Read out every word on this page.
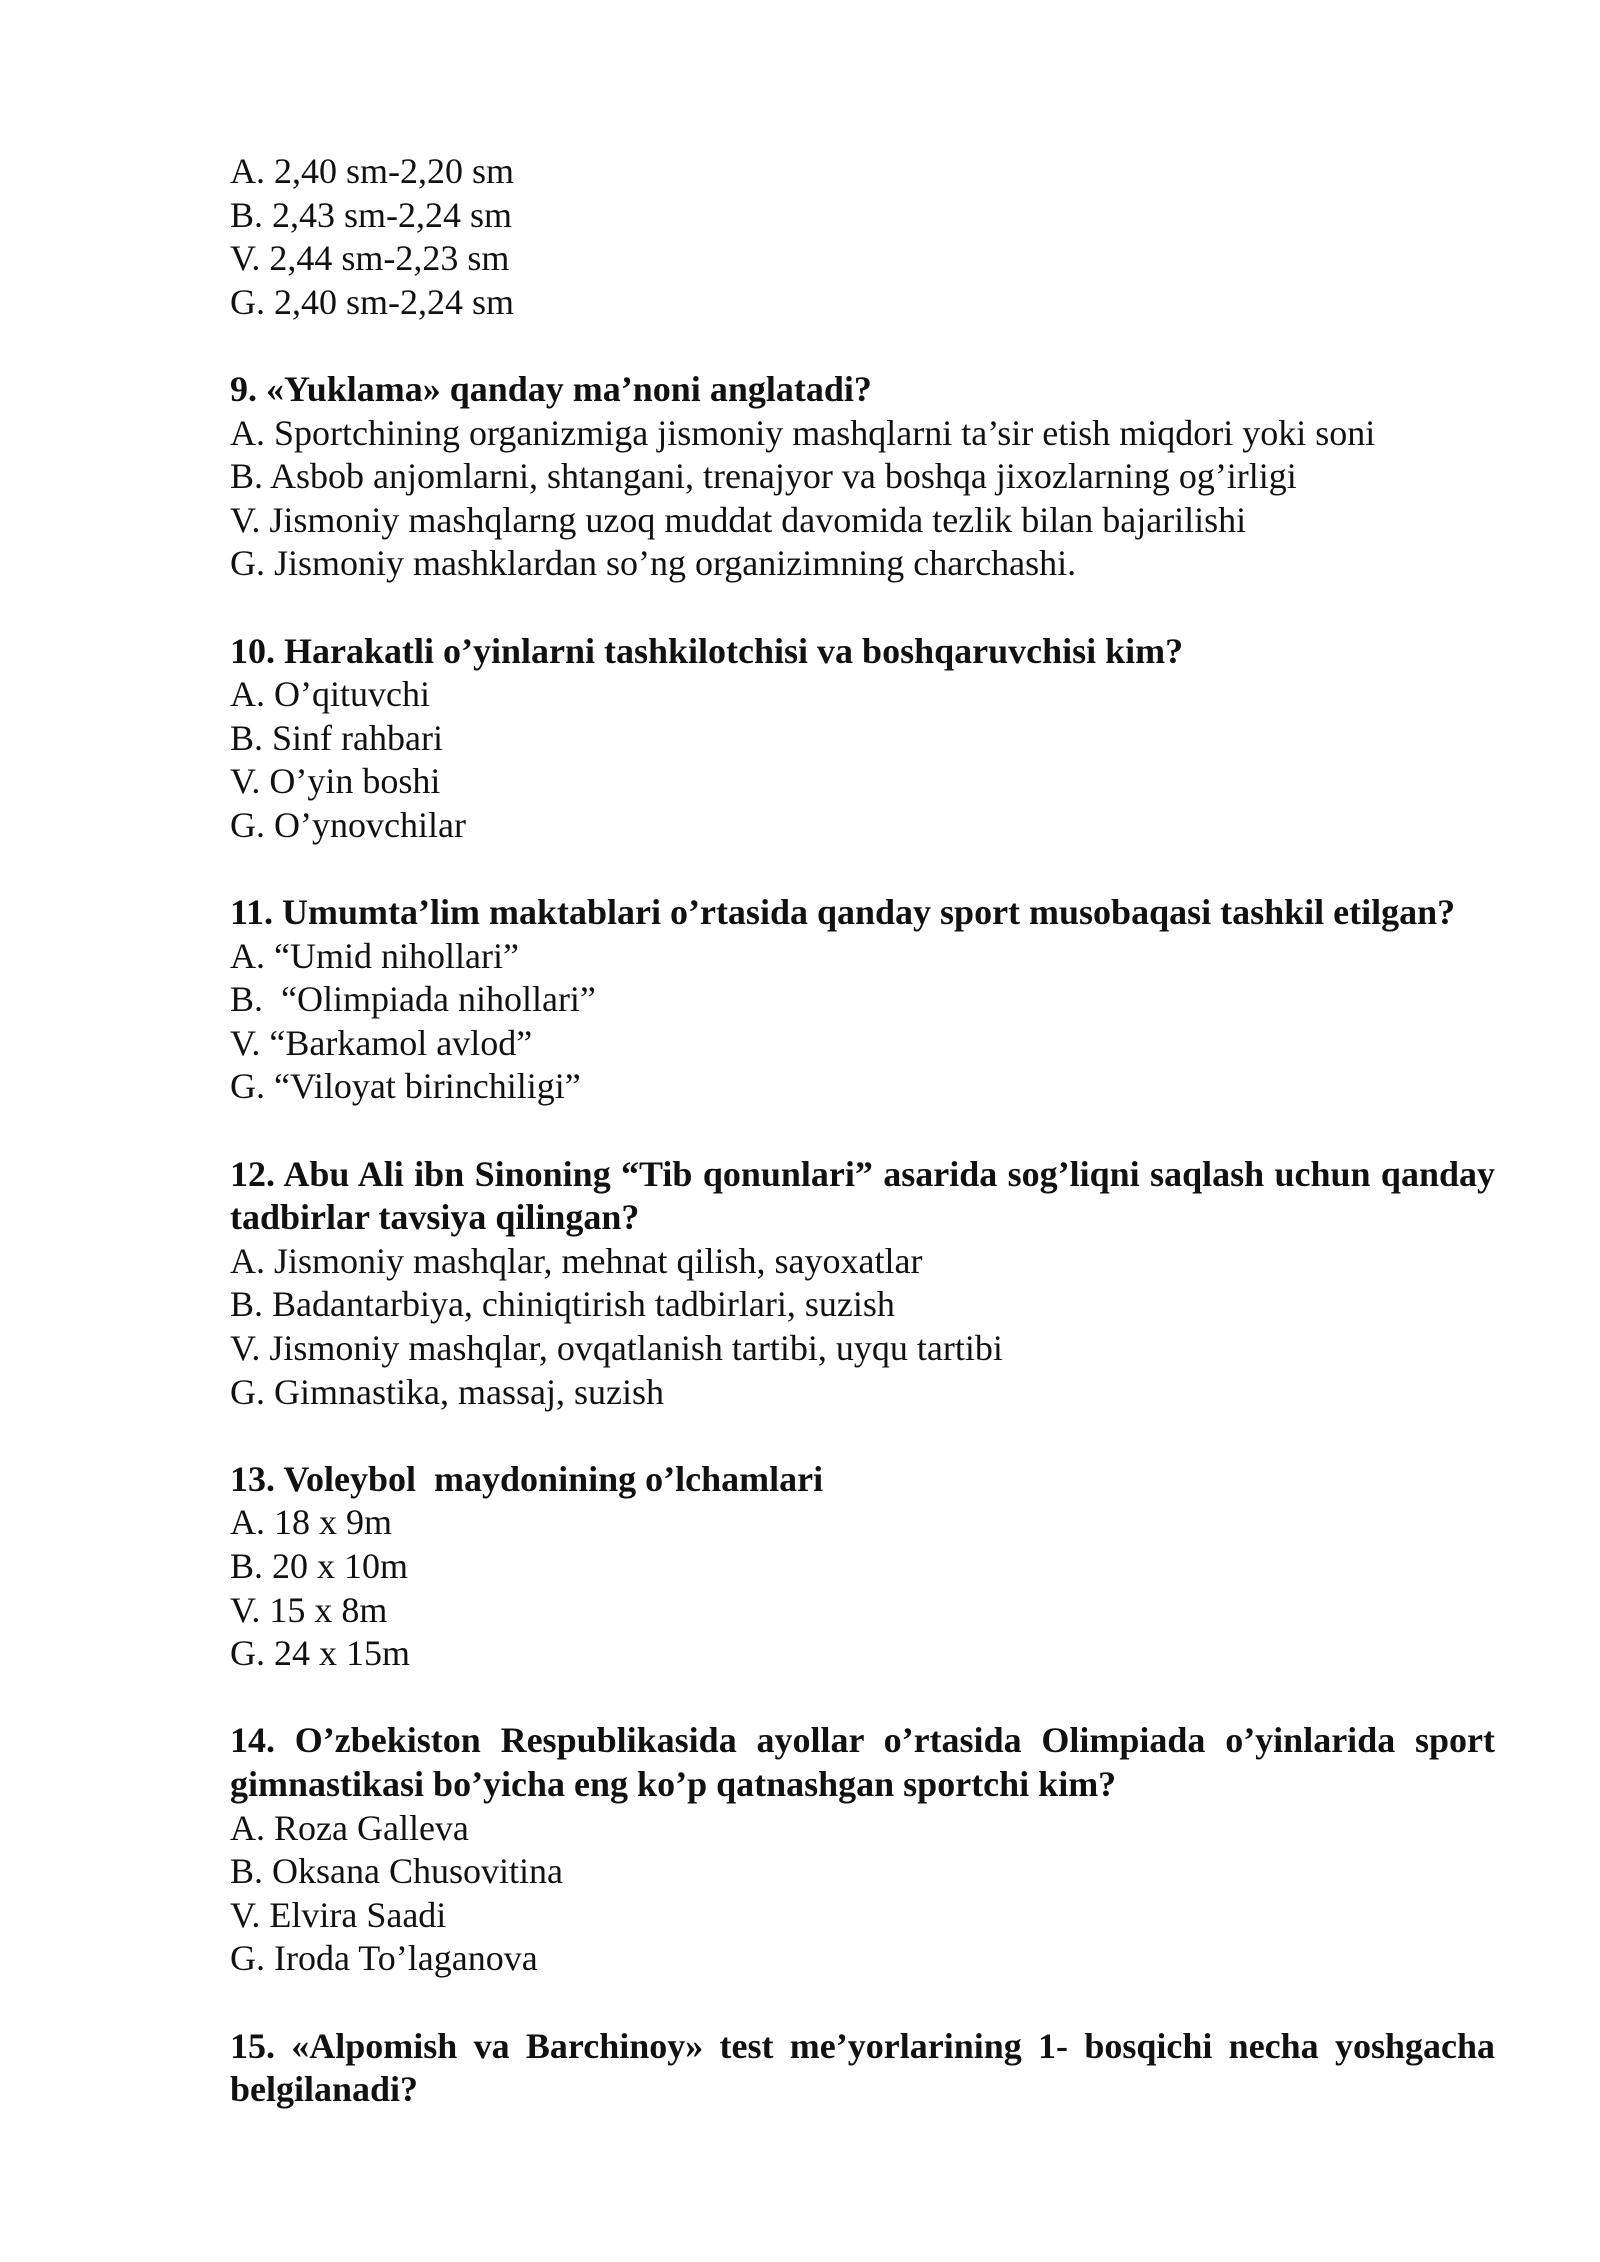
A. 2,40 sm-2,20 sm
B. 2,43 sm-2,24 sm
V. 2,44 sm-2,23 sm
G. 2,40 sm-2,24 sm
9. «Yuklama» qanday ma’noni anglatadi?
A. Sportchining organizmiga jismoniy mashqlarni ta’sir etish miqdori yoki soni
B. Asbob anjomlarni, shtangani, trenajyor va boshqa jixozlarning og’irligi
V. Jismoniy mashqlarng uzoq muddat davomida tezlik bilan bajarilishi
G. Jismoniy mashklardan so’ng organizimning charchashi.
10. Harakatli o’yinlarni tashkilotchisi va boshqaruvchisi kim?
A. O’qituvchi
B. Sinf rahbari
V. O’yin boshi
G. O’ynovchilar
11. Umumta’lim maktablari o’rtasida qanday sport musobaqasi tashkil etilgan?
A. “Umid nihollari”
B.  “Olimpiada nihollari”
V. “Barkamol avlod”
G. “Viloyat birinchiligi”
12. Abu Ali ibn Sinoning “Tib qonunlari” asarida sog’liqni saqlash uchun qanday tadbirlar tavsiya qilingan?
A. Jismoniy mashqlar, mehnat qilish, sayoxatlar
B. Badantarbiya, chiniqtirish tadbirlari, suzish
V. Jismoniy mashqlar, ovqatlanish tartibi, uyqu tartibi
G. Gimnastika, massaj, suzish
13. Voleybol  maydonining o’lchamlari
A. 18 x 9m
B. 20 x 10m
V. 15 x 8m
G. 24 x 15m
14. O’zbekiston Respublikasida ayollar o’rtasida Olimpiada o’yinlarida sport gimnastikasi bo’yicha eng ko’p qatnashgan sportchi kim?
A. Roza Galleva
B. Oksana Chusovitina
V. Elvira Saadi
G. Iroda To’laganova
15. «Alpomish va Barchinoy» test me’yorlarining 1- bosqichi necha yoshgacha belgilanadi?
